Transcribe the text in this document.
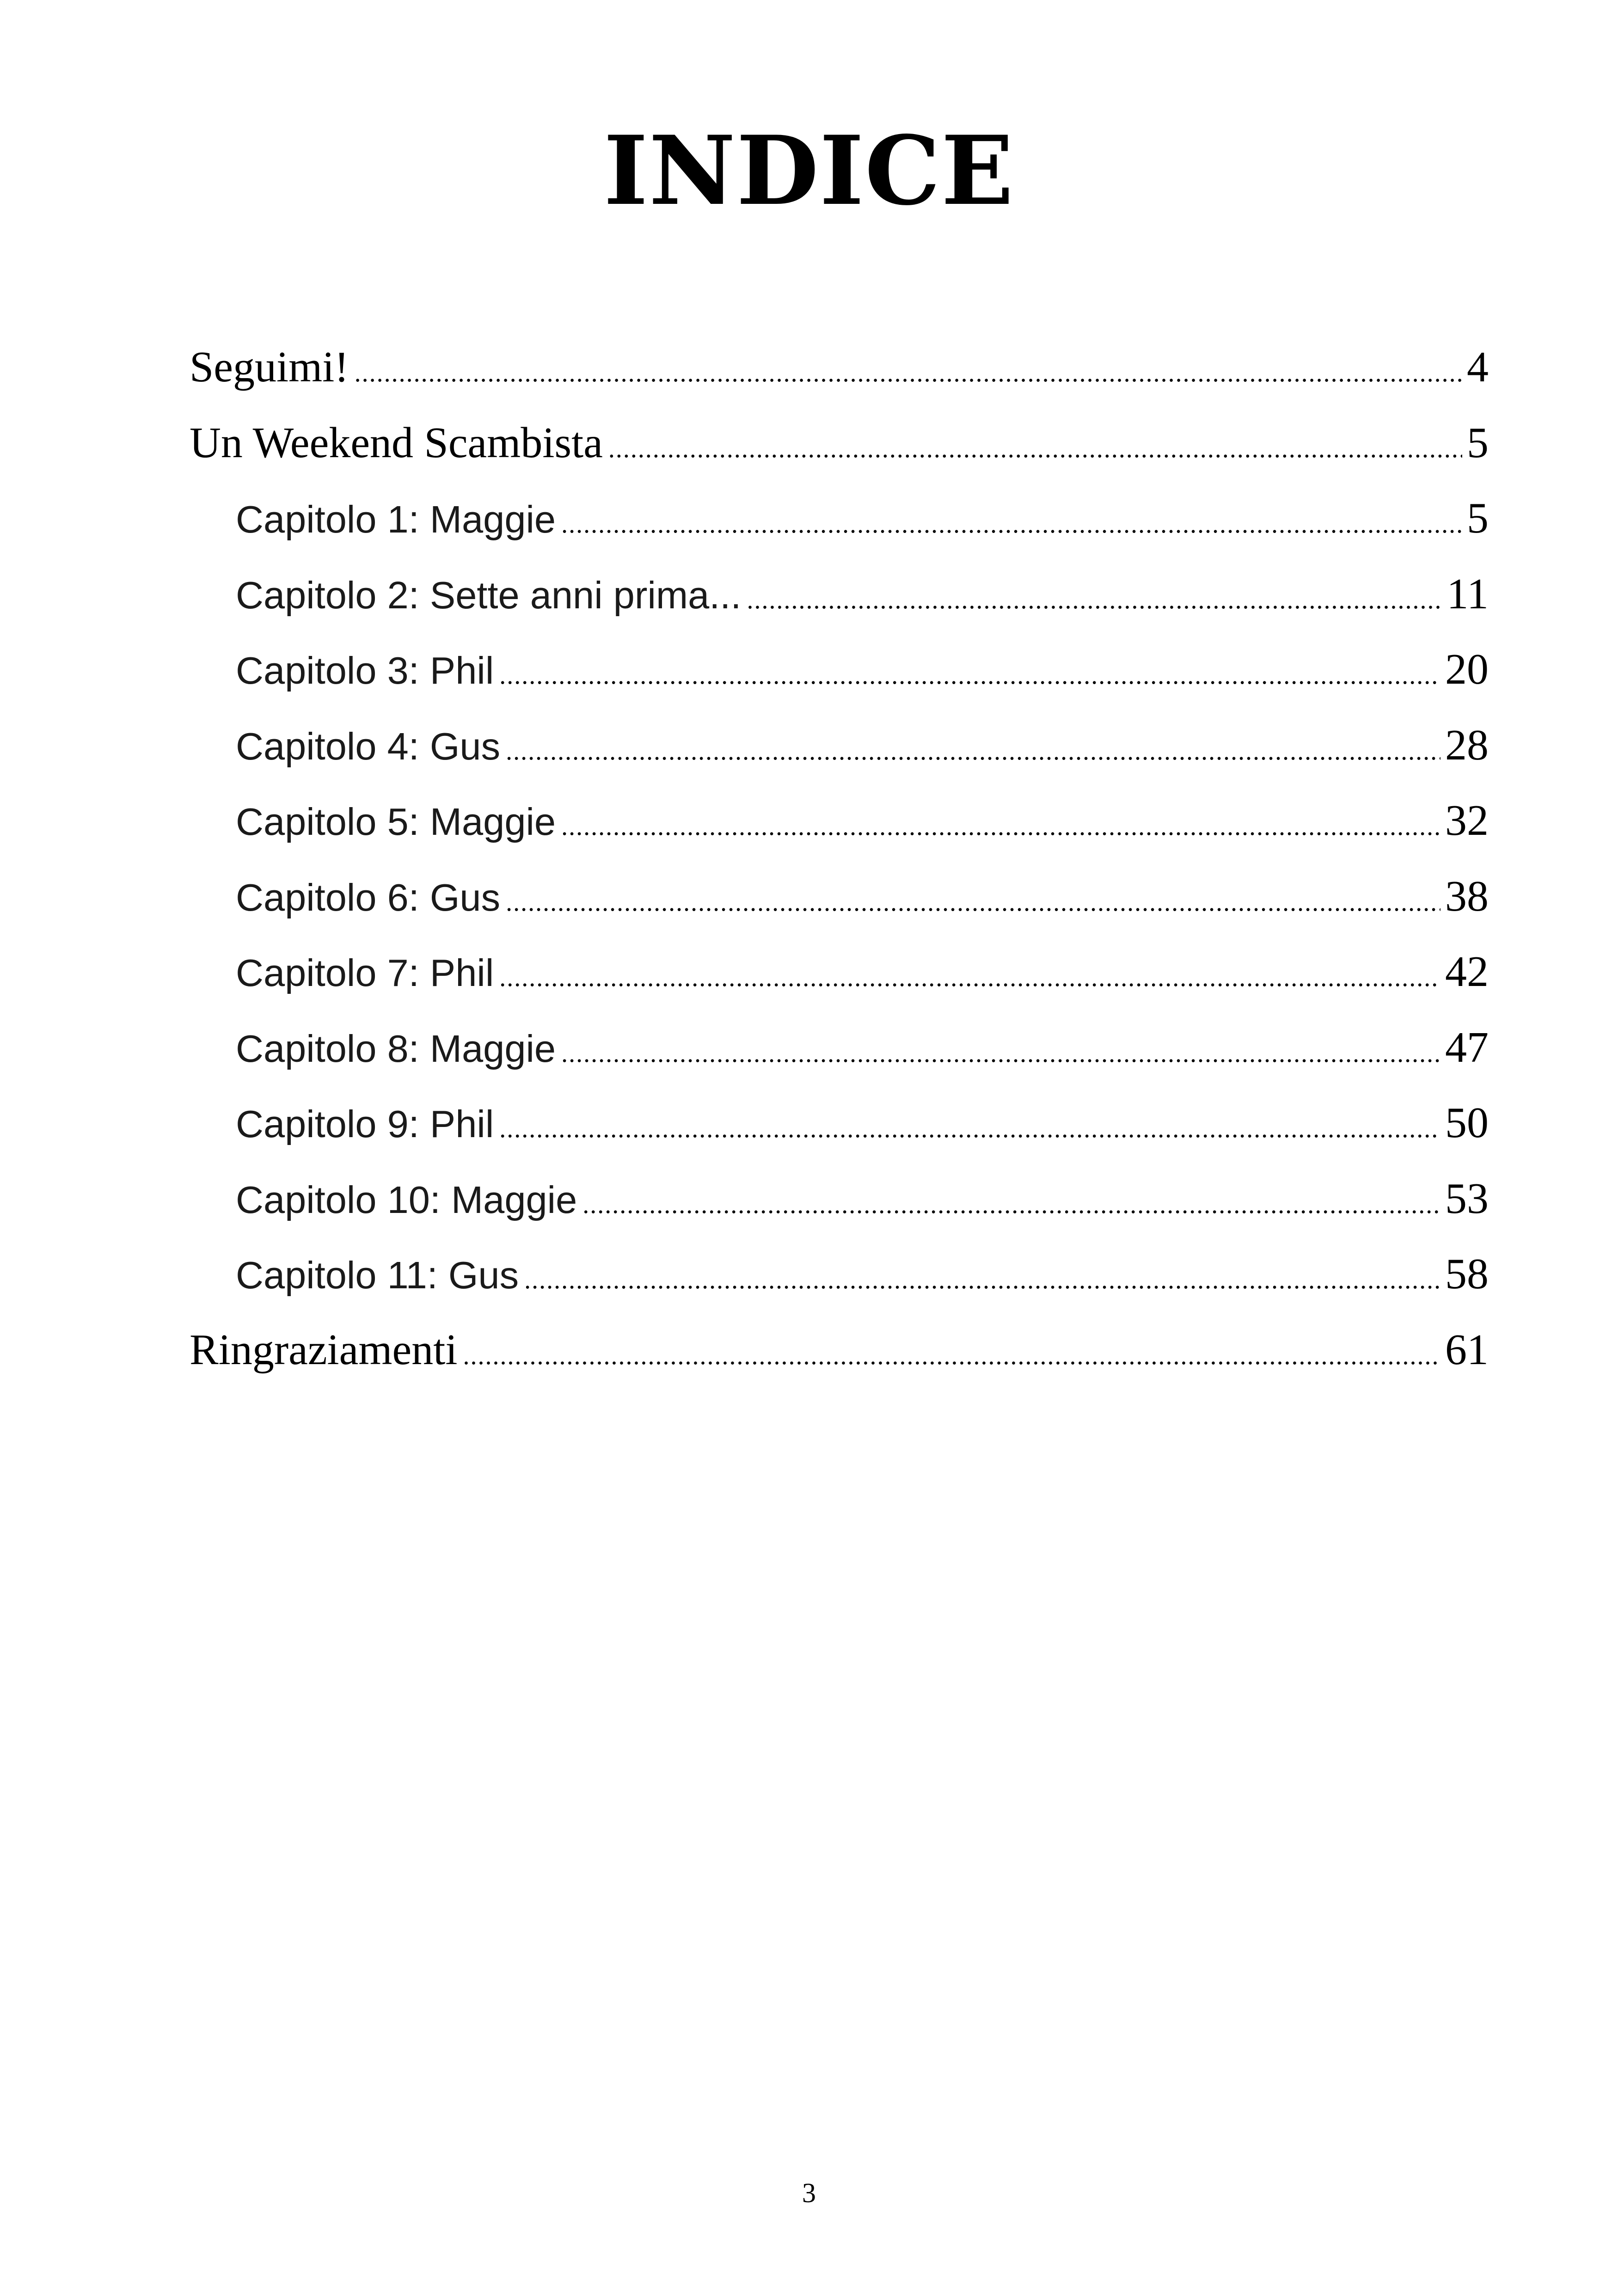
INDICE
Seguimi! . . .	4
Un Weekend Scambista . . .	5
Capitolo 1: Maggie . . .	5
Capitolo 2: Sette anni prima... . . .	11
Capitolo 3: Phil . . .	20
Capitolo 4: Gus . . .	28
Capitolo 5: Maggie . . .	32
Capitolo 6: Gus . . .	38
Capitolo 7: Phil . . .	42
Capitolo 8: Maggie . . .	47
Capitolo 9: Phil . . .	50
Capitolo 10: Maggie . . .	53
Capitolo 11: Gus . . .	58
Ringraziamenti . . .	61
3
